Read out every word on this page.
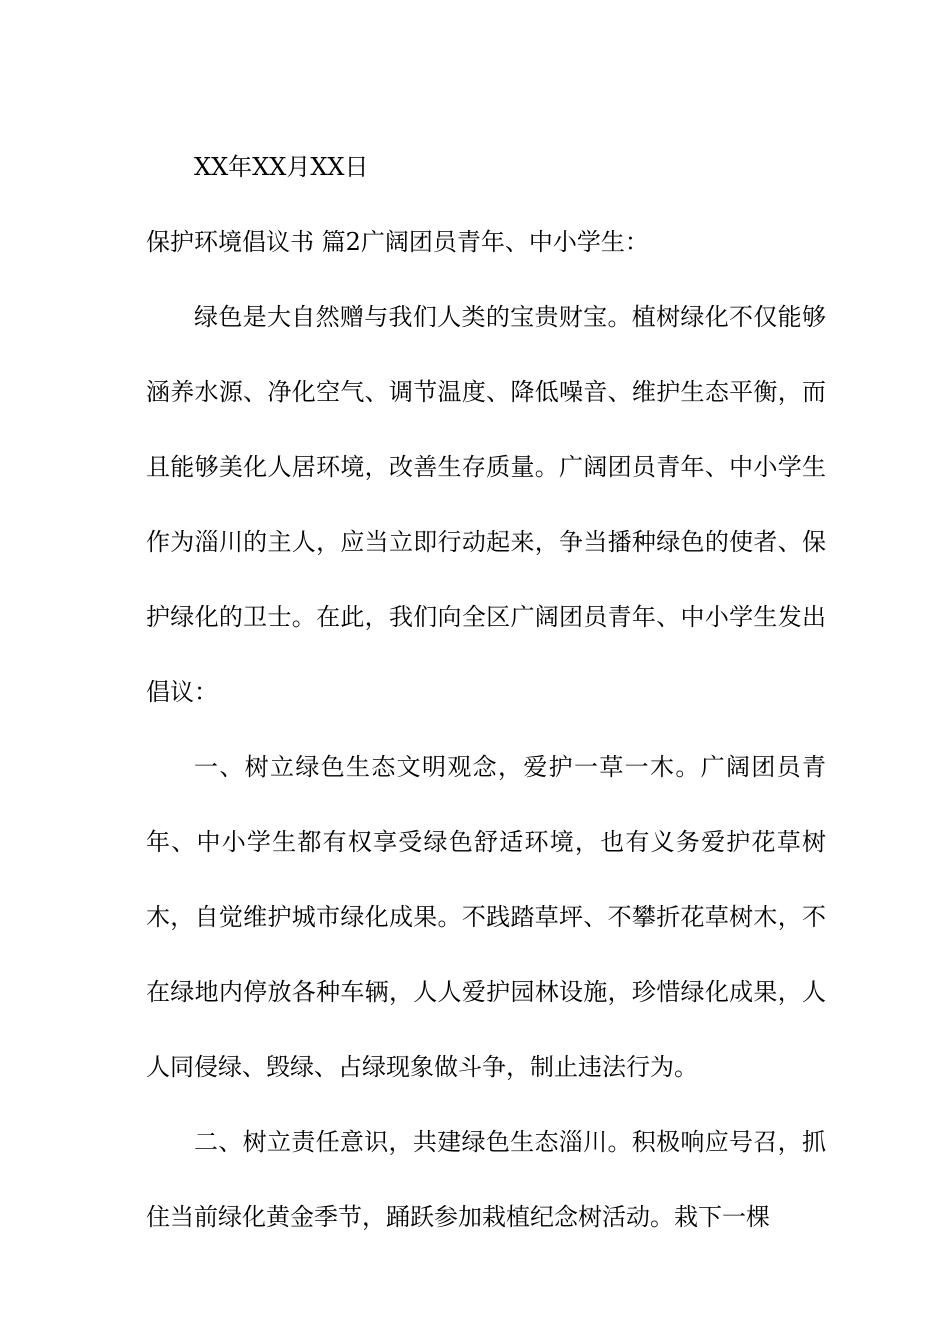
XX年XX月XX日

保护环境倡议书 篇2广阔团员青年、中小学生：

绿色是大自然赠与我们人类的宝贵财宝。植树绿化不仅能够涵养水源、净化空气、调节温度、降低噪音、维护生态平衡，而且能够美化人居环境，改善生存质量。广阔团员青年、中小学生作为淄川的主人，应当立即行动起来，争当播种绿色的使者、保护绿化的卫士。在此，我们向全区广阔团员青年、中小学生发出倡议：

一、树立绿色生态文明观念，爱护一草一木。广阔团员青年、中小学生都有权享受绿色舒适环境，也有义务爱护花草树木，自觉维护城市绿化成果。不践踏草坪、不攀折花草树木，不在绿地内停放各种车辆，人人爱护园林设施，珍惜绿化成果，人人同侵绿、毁绿、占绿现象做斗争，制止违法行为。

二、树立责任意识，共建绿色生态淄川。积极响应号召，抓住当前绿化黄金季节，踊跃参加栽植纪念树活动。栽下一棵
